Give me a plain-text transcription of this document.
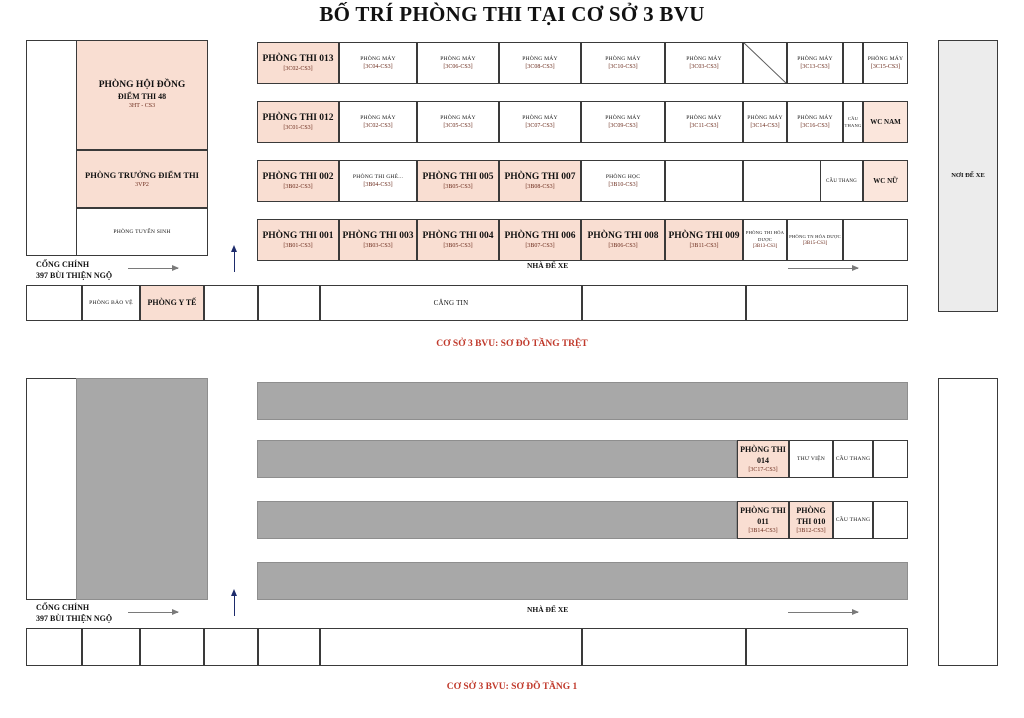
BỐ TRÍ PHÒNG THI TẠI CƠ SỞ 3 BVU
PHÒNG HỘI ĐỒNG
ĐIỂM THI 48
3HT - CS3
PHÒNG TRƯỞNG ĐIỂM THI
3VP2
PHÒNG TUYỂN SINH
PHÒNG THI 013
[3C02-CS3]
PHÒNG MÁY
[3C04-CS3]
PHÒNG MÁY
[3C06-CS3]
PHÒNG MÁY
[3C08-CS3]
PHÒNG MÁY
[3C10-CS3]
PHÒNG MÁY
[3C03-CS3]
PHÒNG MÁY
[3C13-CS3]
PHÒNG MÁY
[3C15-CS3]
PHÒNG THI 012
[3C01-CS3]
PHÒNG MÁY
[3C02-CS3]
PHÒNG MÁY
[3C05-CS3]
PHÒNG MÁY
[3C07-CS3]
PHÒNG MÁY
[3C09-CS3]
PHÒNG MÁY
[3C11-CS3]
PHÒNG MÁY
[3C14-CS3]
PHÒNG MÁY
[3C16-CS3]
CẦU THANG WC NAM
PHÒNG THI 002
[3B02-CS3]
PHÒNG THI GHÉ...
[3B04-CS3]
PHÒNG THI 005
[3B05-CS3]
PHÒNG THI 007
[3B08-CS3]
PHÒNG HỌC
[3B10-CS3]
CẦU THANG WC NỮ
PHÒNG THI 001
[3B01-CS3]
PHÒNG THI 003
[3B03-CS3]
PHÒNG THI 004
[3B05-CS3]
PHÒNG THI 006
[3B07-CS3]
PHÒNG THI 008
[3B06-CS3]
PHÒNG THI 009
[3B11-CS3]
PHÒNG THI HÓA DƯỢC
[3B13-CS3]
PHÒNG TN HÓA DƯỢC
[3B15-CS3]
PHÒNG BẢO VỆ PHÒNG Y TẾ	CĂNG TIN
NƠI ĐỂ XE
CỔNG CHÍNH
397 BÙI THIỆN NGỘ
NHÀ ĐỂ XE
CƠ SỞ 3 BVU: SƠ ĐỒ TẦNG TRỆT
PHÒNG THI 014
[3C17-CS3]
THƯ VIỆN CẦU THANG
PHÒNG THI 011
[3B14-CS3]
PHÒNG THI 010
[3B12-CS3]
CẦU THANG
CỔNG CHÍNH
397 BÙI THIỆN NGỘ
NHÀ ĐỂ XE
CƠ SỞ 3 BVU: SƠ ĐỒ TẦNG 1
